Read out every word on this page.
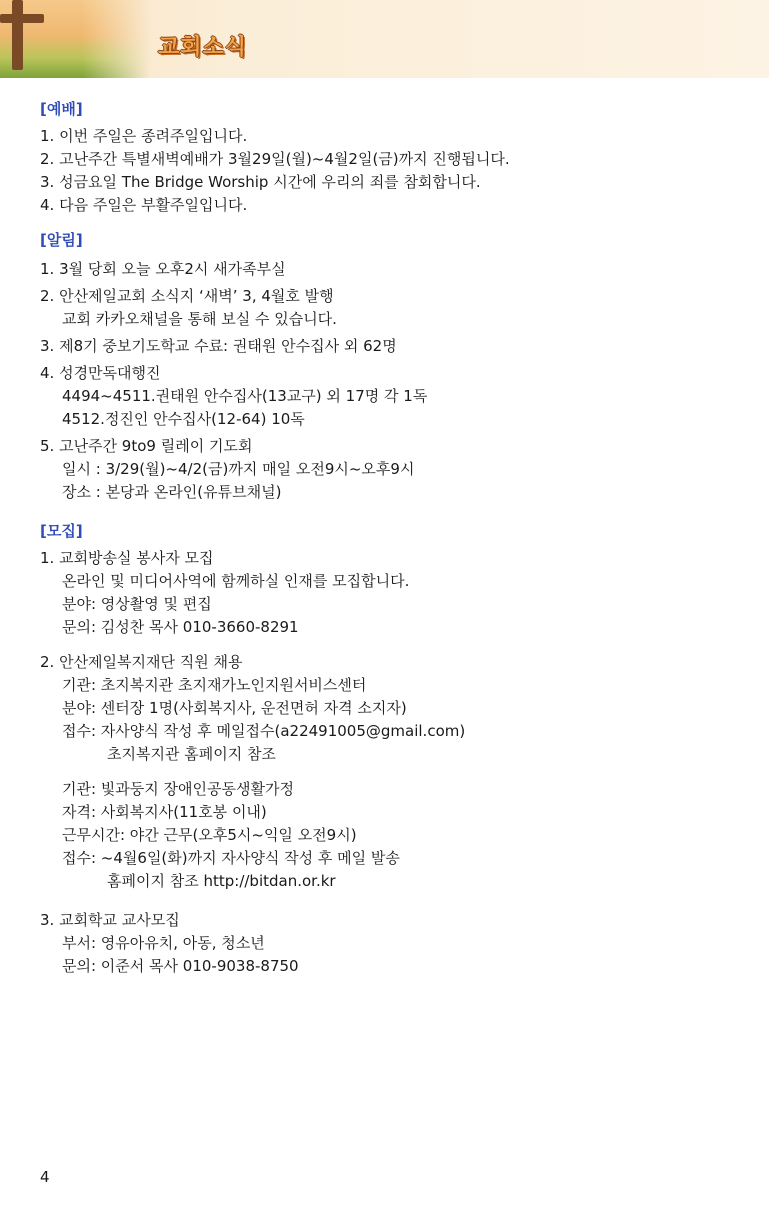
교회소식
[예배]
1. 이번 주일은 종려주일입니다.
2. 고난주간 특별새벽예배가 3월29일(월)~4월2일(금)까지 진행됩니다.
3. 성금요일 The Bridge Worship 시간에 우리의 죄를 참회합니다.
4. 다음 주일은 부활주일입니다.
[알림]
1. 3월 당회 오늘 오후2시 새가족부실
2. 안산제일교회 소식지 ‘새벽’ 3, 4월호 발행
교회 카카오채널을 통해 보실 수 있습니다.
3. 제8기 중보기도학교 수료: 권태원 안수집사 외 62명
4. 성경만독대행진
4494~4511.권태원 안수집사(13교구) 외 17명 각 1독
4512.정진인 안수집사(12-64) 10독
5. 고난주간 9to9 릴레이 기도회
일시 : 3/29(월)~4/2(금)까지 매일 오전9시~오후9시
장소 : 본당과 온라인(유튜브채널)
[모집]
1. 교회방송실 봉사자 모집
온라인 및 미디어사역에 함께하실 인재를 모집합니다.
분야: 영상촬영 및 편집
문의: 김성찬 목사 010-3660-8291
2. 안산제일복지재단 직원 채용
기관: 초지복지관 초지재가노인지원서비스센터
분야: 센터장 1명(사회복지사, 운전면허 자격 소지자)
접수: 자사양식 작성 후 메일접수(a22491005@gmail.com)
초지복지관 홈페이지 참조
기관: 빛과둥지 장애인공동생활가정
자격: 사회복지사(11호봉 이내)
근무시간: 야간 근무(오후5시~익일 오전9시)
접수: ~4월6일(화)까지 자사양식 작성 후 메일 발송
홈페이지 참조 http://bitdan.or.kr
3. 교회학교 교사모집
부서: 영유아유치, 아동, 청소년
문의: 이준서 목사 010-9038-8750
4
